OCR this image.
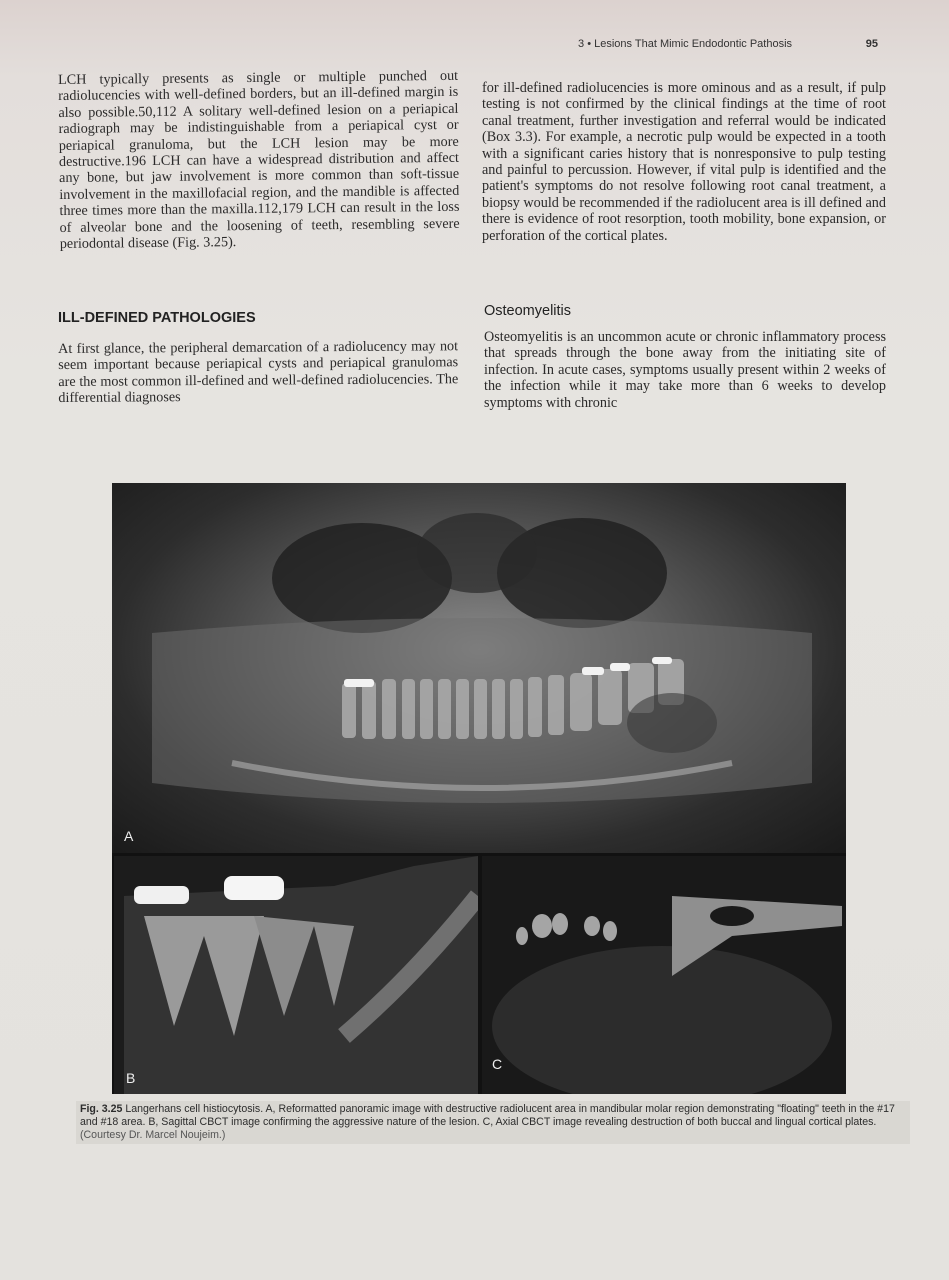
3 • Lesions That Mimic Endodontic Pathosis	95

LCH typically presents as single or multiple punched out radiolucencies with well-defined borders, but an ill-defined margin is also possible.50,112 A solitary well-defined lesion on a periapical radiograph may be indistinguishable from a periapical cyst or periapical granuloma, but the LCH lesion may be more destructive.196 LCH can have a widespread distribution and affect any bone, but jaw involvement is more common than soft-tissue involvement in the maxillofacial region, and the mandible is affected three times more than the maxilla.112,179 LCH can result in the loss of alveolar bone and the loosening of teeth, resembling severe periodontal disease (Fig. 3.25).

ILL-DEFINED PATHOLOGIES

At first glance, the peripheral demarcation of a radiolucency may not seem important because periapical cysts and periapical granulomas are the most common ill-defined and well-defined radiolucencies. The differential diagnoses

for ill-defined radiolucencies is more ominous and as a result, if pulp testing is not confirmed by the clinical findings at the time of root canal treatment, further investigation and referral would be indicated (Box 3.3). For example, a necrotic pulp would be expected in a tooth with a significant caries history that is nonresponsive to pulp testing and painful to percussion. However, if vital pulp is identified and the patient's symptoms do not resolve following root canal treatment, a biopsy would be recommended if the radiolucent area is ill defined and there is evidence of root resorption, tooth mobility, bone expansion, or perforation of the cortical plates.

Osteomyelitis

Osteomyelitis is an uncommon acute or chronic inflammatory process that spreads through the bone away from the initiating site of infection. In acute cases, symptoms usually present within 2 weeks of the infection while it may take more than 6 weeks to develop symptoms with chronic

A
B
C
Fig. 3.25 Langerhans cell histiocytosis. A, Reformatted panoramic image with destructive radiolucent area in mandibular molar region demonstrating "floating" teeth in the #17 and #18 area. B, Sagittal CBCT image confirming the aggressive nature of the lesion. C, Axial CBCT image revealing destruction of both buccal and lingual cortical plates. (Courtesy Dr. Marcel Noujeim.)
